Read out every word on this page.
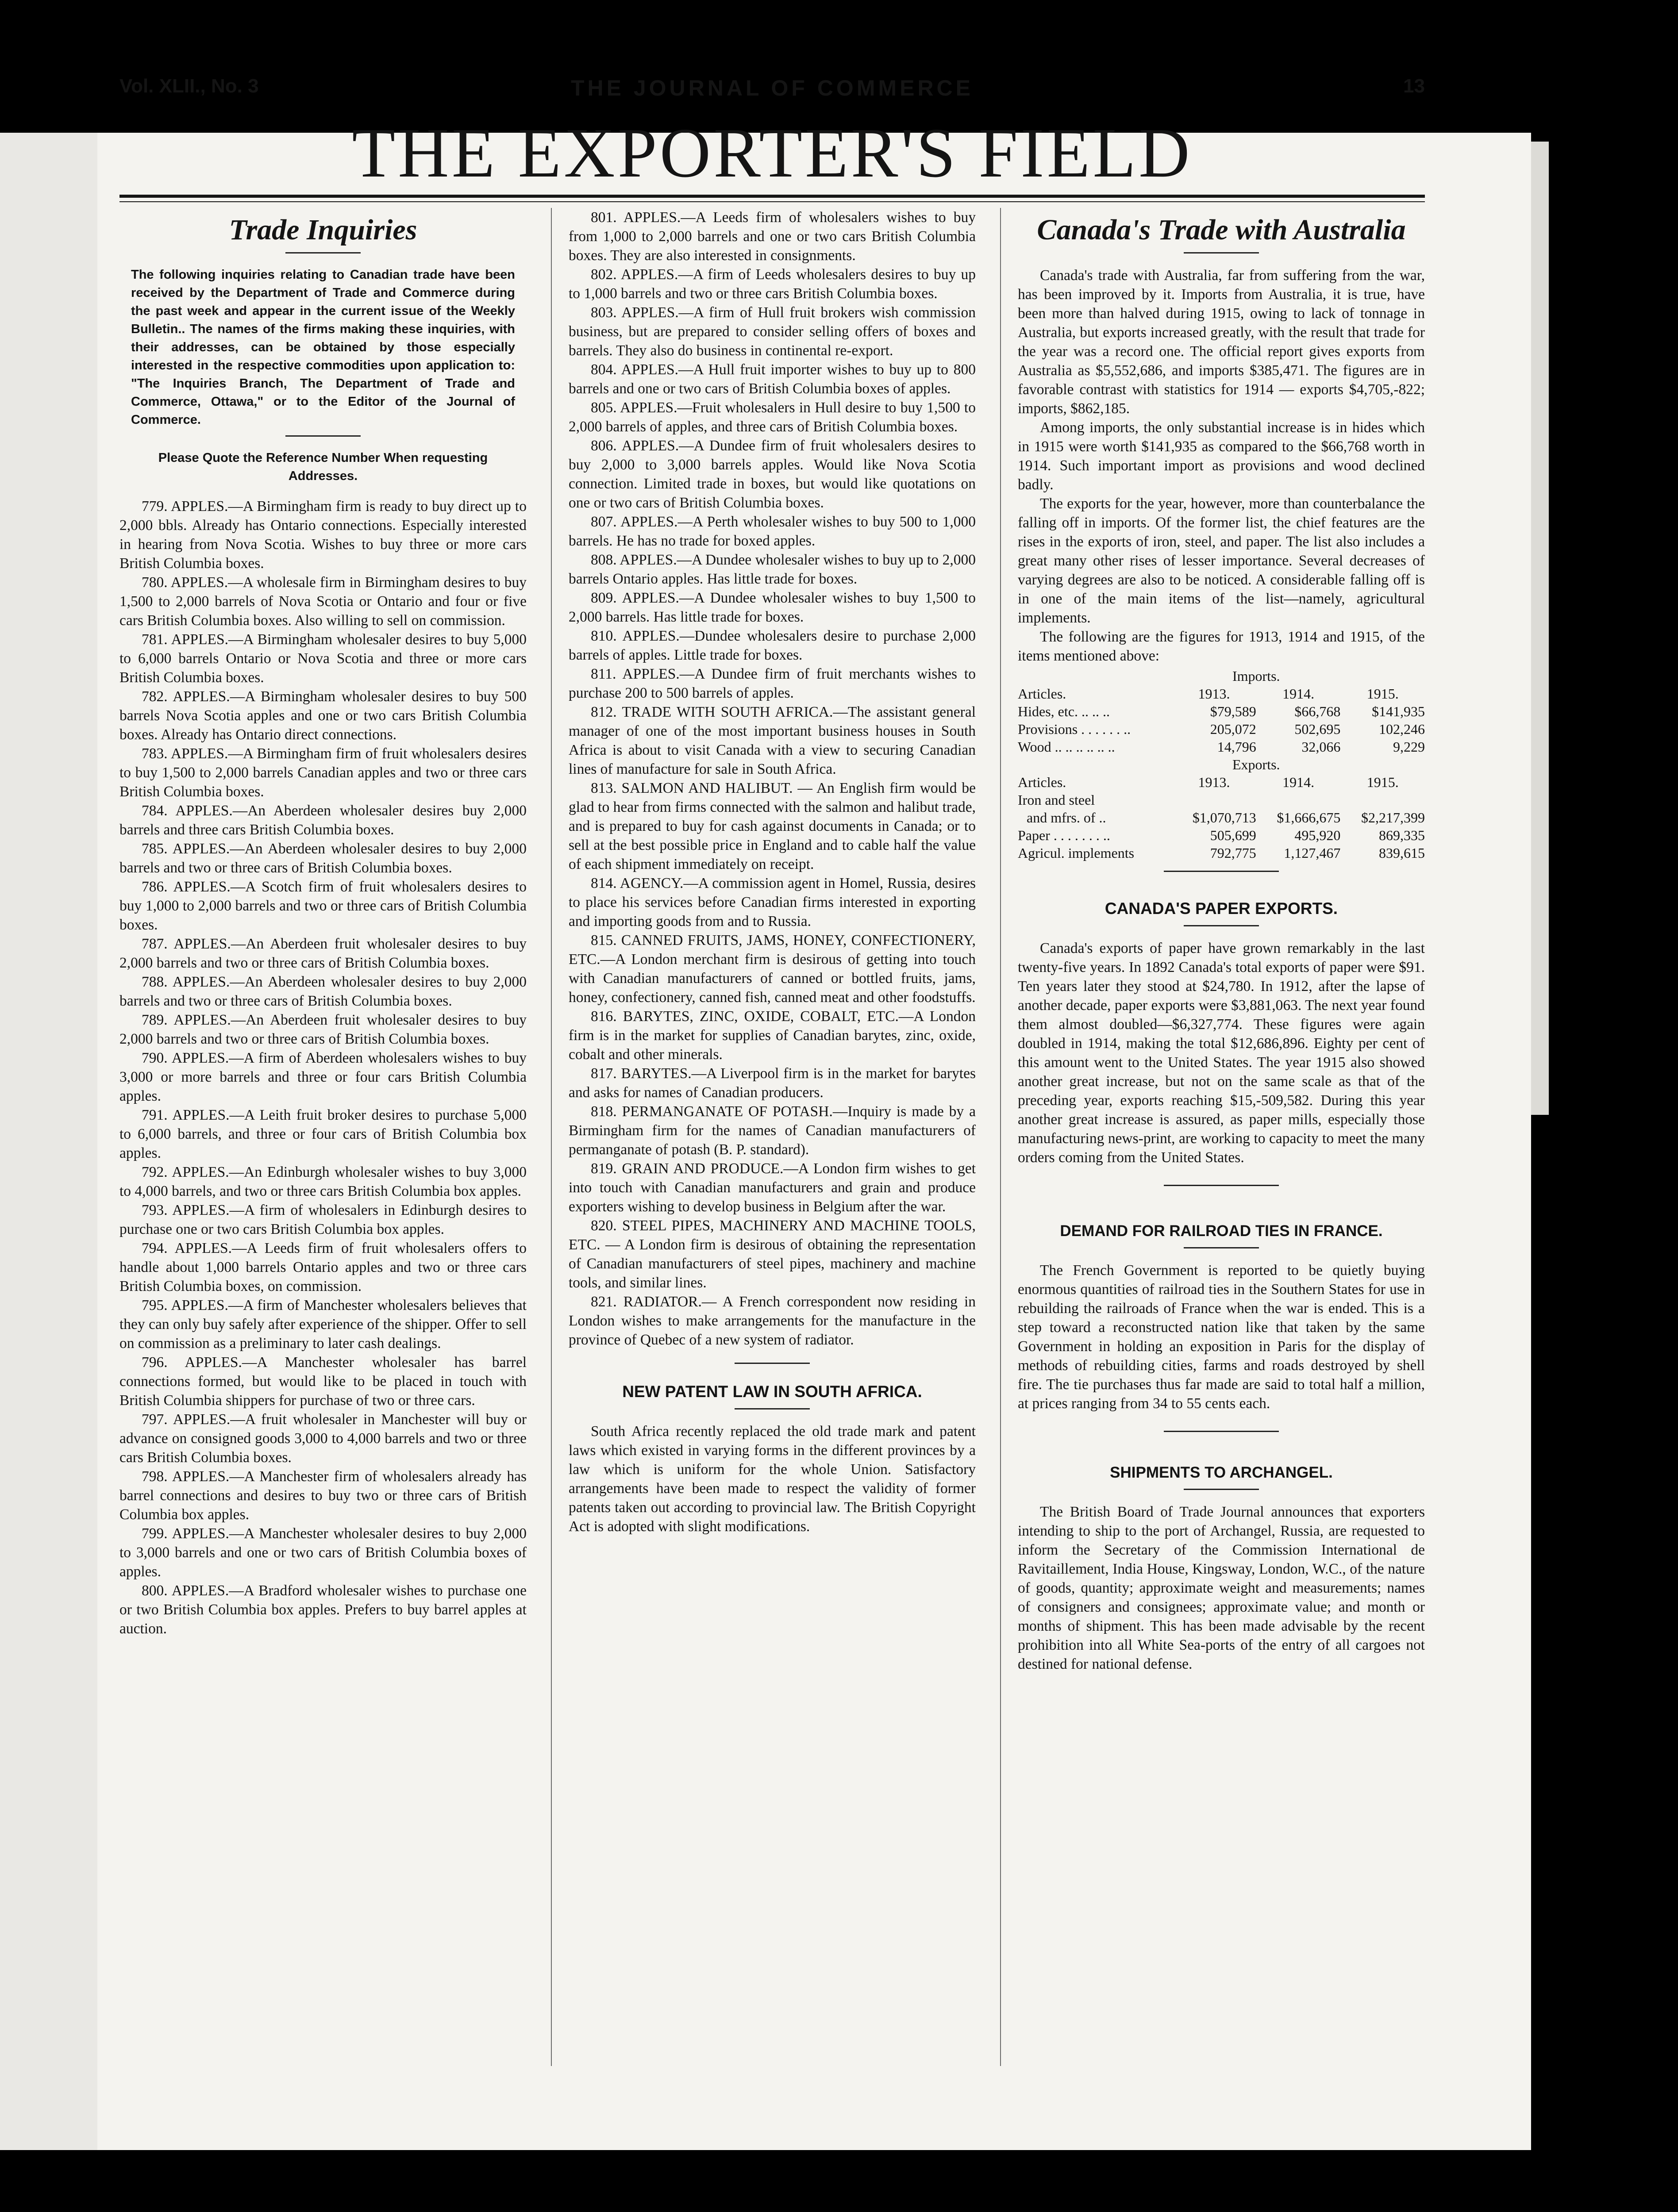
Vol. XLII., No. 3	THE JOURNAL OF COMMERCE	13
THE EXPORTER'S FIELD
Trade Inquiries

The following inquiries relating to Canadian trade have been received by the Department of Trade and Commerce during the past week and appear in the current issue of the Weekly Bulletin.. The names of the firms making these inquiries, with their addresses, can be obtained by those especially interested in the respective commodities upon application to: "The Inquiries Branch, The Department of Trade and Commerce, Ottawa," or to the Editor of the Journal of Commerce.

Please Quote the Reference Number When requesting Addresses.

779. APPLES.—A Birmingham firm is ready to buy direct up to 2,000 bbls. Already has Ontario connections. Especially interested in hearing from Nova Scotia. Wishes to buy three or more cars British Columbia boxes.

780. APPLES.—A wholesale firm in Birmingham desires to buy 1,500 to 2,000 barrels of Nova Scotia or Ontario and four or five cars British Columbia boxes. Also willing to sell on commission.

781. APPLES.—A Birmingham wholesaler desires to buy 5,000 to 6,000 barrels Ontario or Nova Scotia and three or more cars British Columbia boxes.

782. APPLES.—A Birmingham wholesaler desires to buy 500 barrels Nova Scotia apples and one or two cars British Columbia boxes. Already has Ontario direct connections.

783. APPLES.—A Birmingham firm of fruit wholesalers desires to buy 1,500 to 2,000 barrels Canadian apples and two or three cars British Columbia boxes.

784. APPLES.—An Aberdeen wholesaler desires buy 2,000 barrels and three cars British Columbia boxes.

785. APPLES.—An Aberdeen wholesaler desires to buy 2,000 barrels and two or three cars of British Columbia boxes.

786. APPLES.—A Scotch firm of fruit wholesalers desires to buy 1,000 to 2,000 barrels and two or three cars of British Columbia boxes.

787. APPLES.—An Aberdeen fruit wholesaler desires to buy 2,000 barrels and two or three cars of British Columbia boxes.

788. APPLES.—An Aberdeen wholesaler desires to buy 2,000 barrels and two or three cars of British Columbia boxes.

789. APPLES.—An Aberdeen fruit wholesaler desires to buy 2,000 barrels and two or three cars of British Columbia boxes.

790. APPLES.—A firm of Aberdeen wholesalers wishes to buy 3,000 or more barrels and three or four cars British Columbia apples.

791. APPLES.—A Leith fruit broker desires to purchase 5,000 to 6,000 barrels, and three or four cars of British Columbia box apples.

792. APPLES.—An Edinburgh wholesaler wishes to buy 3,000 to 4,000 barrels, and two or three cars British Columbia box apples.

793. APPLES.—A firm of wholesalers in Edinburgh desires to purchase one or two cars British Columbia box apples.

794. APPLES.—A Leeds firm of fruit wholesalers offers to handle about 1,000 barrels Ontario apples and two or three cars British Columbia boxes, on commission.

795. APPLES.—A firm of Manchester wholesalers believes that they can only buy safely after experience of the shipper. Offer to sell on commission as a preliminary to later cash dealings.

796. APPLES.—A Manchester wholesaler has barrel connections formed, but would like to be placed in touch with British Columbia shippers for purchase of two or three cars.

797. APPLES.—A fruit wholesaler in Manchester will buy or advance on consigned goods 3,000 to 4,000 barrels and two or three cars British Columbia boxes.

798. APPLES.—A Manchester firm of wholesalers already has barrel connections and desires to buy two or three cars of British Columbia box apples.

799. APPLES.—A Manchester wholesaler desires to buy 2,000 to 3,000 barrels and one or two cars of British Columbia boxes of apples.

800. APPLES.—A Bradford wholesaler wishes to purchase one or two British Columbia box apples. Prefers to buy barrel apples at auction.

801. APPLES.—A Leeds firm of wholesalers wishes to buy from 1,000 to 2,000 barrels and one or two cars British Columbia boxes. They are also interested in consignments.

802. APPLES.—A firm of Leeds wholesalers desires to buy up to 1,000 barrels and two or three cars British Columbia boxes.

803. APPLES.—A firm of Hull fruit brokers wish commission business, but are prepared to consider selling offers of boxes and barrels. They also do business in continental re-export.

804. APPLES.—A Hull fruit importer wishes to buy up to 800 barrels and one or two cars of British Columbia boxes of apples.

805. APPLES.—Fruit wholesalers in Hull desire to buy 1,500 to 2,000 barrels of apples, and three cars of British Columbia boxes.

806. APPLES.—A Dundee firm of fruit wholesalers desires to buy 2,000 to 3,000 barrels apples. Would like Nova Scotia connection. Limited trade in boxes, but would like quotations on one or two cars of British Columbia boxes.

807. APPLES.—A Perth wholesaler wishes to buy 500 to 1,000 barrels. He has no trade for boxed apples.

808. APPLES.—A Dundee wholesaler wishes to buy up to 2,000 barrels Ontario apples. Has little trade for boxes.

809. APPLES.—A Dundee wholesaler wishes to buy 1,500 to 2,000 barrels. Has little trade for boxes.

810. APPLES.—Dundee wholesalers desire to purchase 2,000 barrels of apples. Little trade for boxes.

811. APPLES.—A Dundee firm of fruit merchants wishes to purchase 200 to 500 barrels of apples.

812. TRADE WITH SOUTH AFRICA.—The assistant general manager of one of the most important business houses in South Africa is about to visit Canada with a view to securing Canadian lines of manufacture for sale in South Africa.

813. SALMON AND HALIBUT. — An English firm would be glad to hear from firms connected with the salmon and halibut trade, and is prepared to buy for cash against documents in Canada; or to sell at the best possible price in England and to cable half the value of each shipment immediately on receipt.

814. AGENCY.—A commission agent in Homel, Russia, desires to place his services before Canadian firms interested in exporting and importing goods from and to Russia.

815. CANNED FRUITS, JAMS, HONEY, CONFECTIONERY, ETC.—A London merchant firm is desirous of getting into touch with Canadian manufacturers of canned or bottled fruits, jams, honey, confectionery, canned fish, canned meat and other foodstuffs.

816. BARYTES, ZINC, OXIDE, COBALT, ETC.—A London firm is in the market for supplies of Canadian barytes, zinc, oxide, cobalt and other minerals.

817. BARYTES.—A Liverpool firm is in the market for barytes and asks for names of Canadian producers.

818. PERMANGANATE OF POTASH.—Inquiry is made by a Birmingham firm for the names of Canadian manufacturers of permanganate of potash (B. P. standard).

819. GRAIN AND PRODUCE.—A London firm wishes to get into touch with Canadian manufacturers and grain and produce exporters wishing to develop business in Belgium after the war.

820. STEEL PIPES, MACHINERY AND MACHINE TOOLS, ETC. — A London firm is desirous of obtaining the representation of Canadian manufacturers of steel pipes, machinery and machine tools, and similar lines.

821. RADIATOR.— A French correspondent now residing in London wishes to make arrangements for the manufacture in the province of Quebec of a new system of radiator.

NEW PATENT LAW IN SOUTH AFRICA.

South Africa recently replaced the old trade mark and patent laws which existed in varying forms in the different provinces by a law which is uniform for the whole Union. Satisfactory arrangements have been made to respect the validity of former patents taken out according to provincial law. The British Copyright Act is adopted with slight modifications.

Canada's Trade with Australia

Canada's trade with Australia, far from suffering from the war, has been improved by it. Imports from Australia, it is true, have been more than halved during 1915, owing to lack of tonnage in Australia, but exports increased greatly, with the result that trade for the year was a record one. The official report gives exports from Australia as $5,552,686, and imports $385,471. The figures are in favorable contrast with statistics for 1914 — exports $4,705,-822; imports, $862,185.

Among imports, the only substantial increase is in hides which in 1915 were worth $141,935 as compared to the $66,768 worth in 1914. Such important import as provisions and wood declined badly.

The exports for the year, however, more than counterbalance the falling off in imports. Of the former list, the chief features are the rises in the exports of iron, steel, and paper. The list also includes a great many other rises of lesser importance. Several decreases of varying degrees are also to be noticed. A considerable falling off is in one of the main items of the list—namely, agricultural implements.

The following are the figures for 1913, 1914 and 1915, of the items mentioned above:

	Imports.		
Articles.	1913.	1914.	1915.
Hides, etc. .. .. ..	$79,589	$66,768	$141,935
Provisions . . . . . . ..	205,072	502,695	102,246
Wood .. .. .. .. .. ..	14,796	32,066	9,229
	Exports.		
Articles.	1913.	1914.	1915.
Iron and steel			
and mfrs. of ..	$1,070,713	$1,666,675	$2,217,399
Paper . . . . . . . ..	505,699	495,920	869,335
Agricul. implements	792,775	1,127,467	839,615
CANADA'S PAPER EXPORTS.

Canada's exports of paper have grown remarkably in the last twenty-five years. In 1892 Canada's total exports of paper were $91. Ten years later they stood at $24,780. In 1912, after the lapse of another decade, paper exports were $3,881,063. The next year found them almost doubled—$6,327,774. These figures were again doubled in 1914, making the total $12,686,896. Eighty per cent of this amount went to the United States. The year 1915 also showed another great increase, but not on the same scale as that of the preceding year, exports reaching $15,-509,582. During this year another great increase is assured, as paper mills, especially those manufacturing news-print, are working to capacity to meet the many orders coming from the United States.

DEMAND FOR RAILROAD TIES IN FRANCE.

The French Government is reported to be quietly buying enormous quantities of railroad ties in the Southern States for use in rebuilding the railroads of France when the war is ended. This is a step toward a reconstructed nation like that taken by the same Government in holding an exposition in Paris for the display of methods of rebuilding cities, farms and roads destroyed by shell fire. The tie purchases thus far made are said to total half a million, at prices ranging from 34 to 55 cents each.

SHIPMENTS TO ARCHANGEL.

The British Board of Trade Journal announces that exporters intending to ship to the port of Archangel, Russia, are requested to inform the Secretary of the Commission International de Ravitaillement, India House, Kingsway, London, W.C., of the nature of goods, quantity; approximate weight and measurements; names of consigners and consignees; approximate value; and month or months of shipment. This has been made advisable by the recent prohibition into all White Sea-ports of the entry of all cargoes not destined for national defense.
